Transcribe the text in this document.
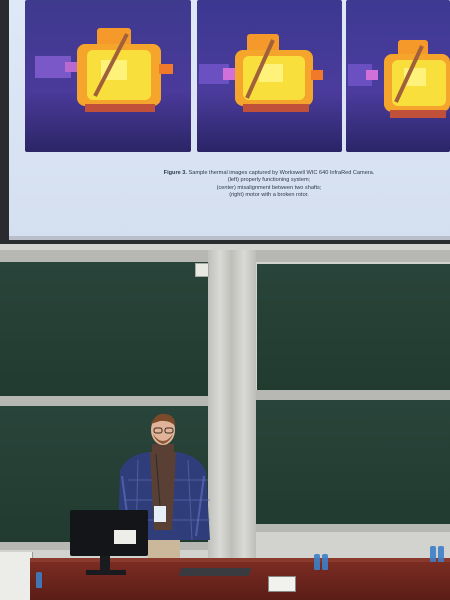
Figure 3. Sample thermal images captured by Workswell WIC 640 InfraRed Camera.
(left) properly functioning system;
(center) misalignment between two shafts;
(right) motor with a broken rotor.
